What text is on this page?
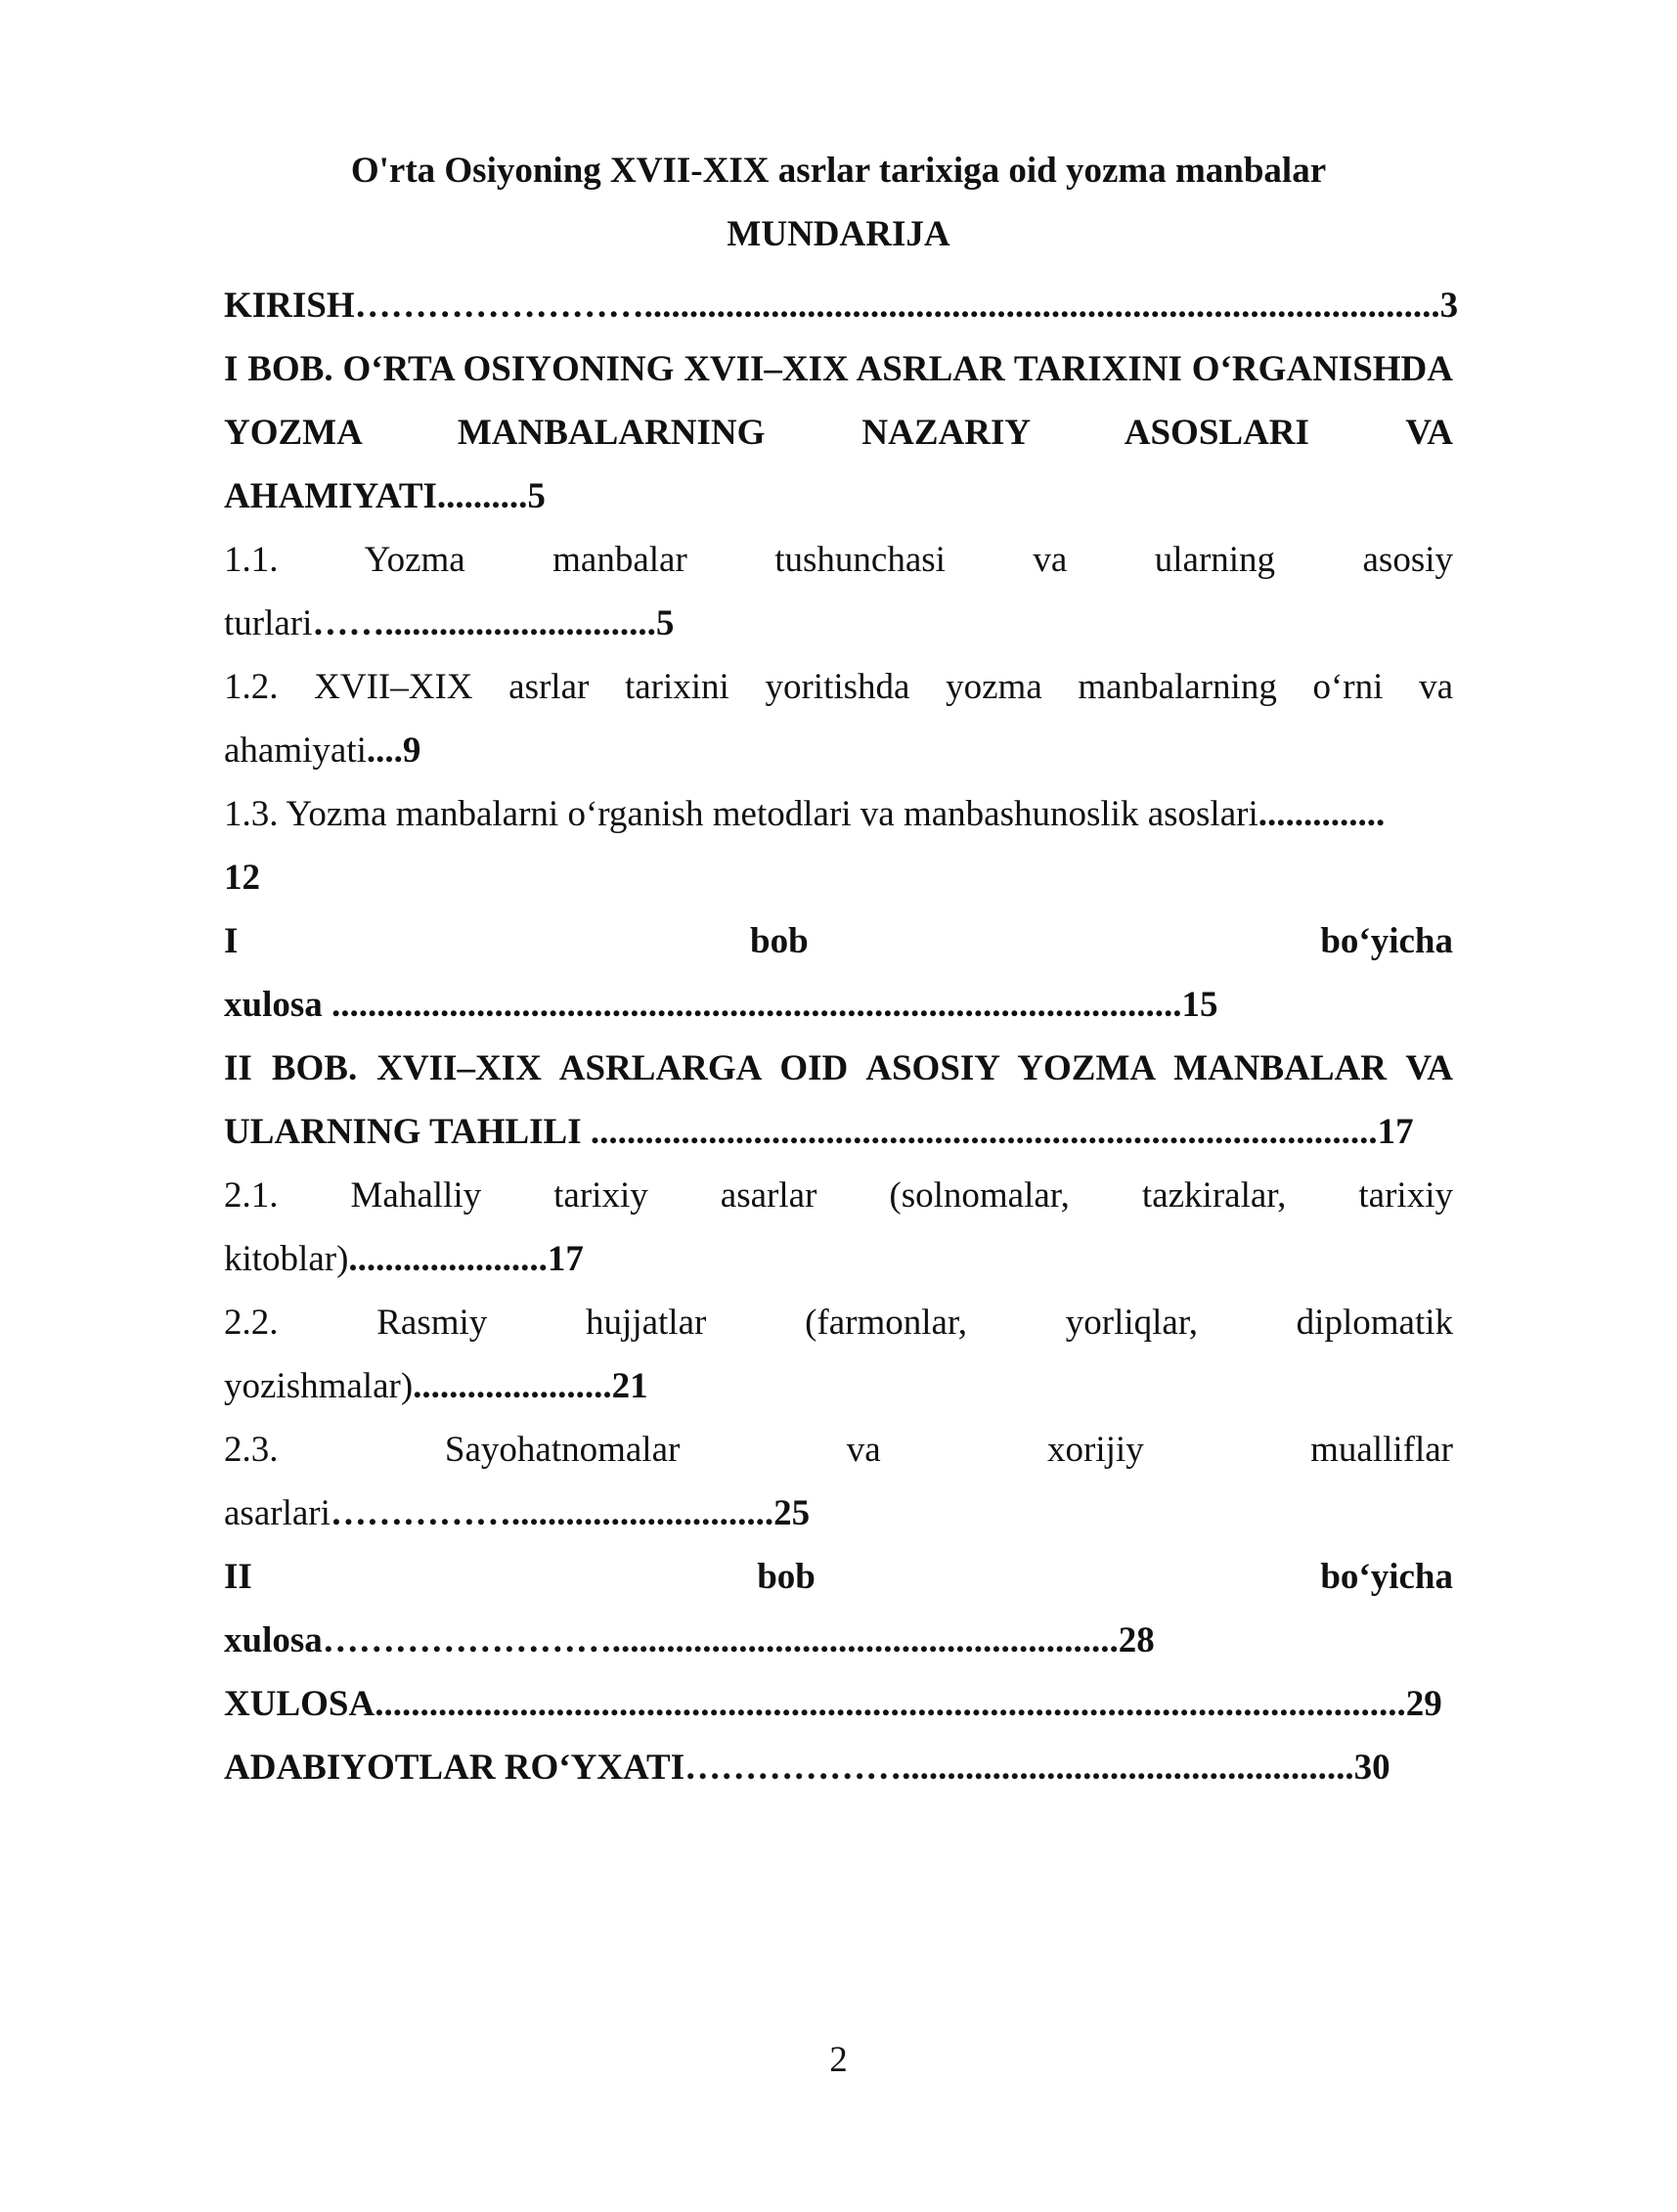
O'rta Osiyoning XVII-XIX asrlar tarixiga oid yozma manbalar
MUNDARIJA
KIRISH……………………........................................................................................3
I BOB. O‘RTA OSIYONING XVII–XIX ASRLAR TARIXINI O‘RGANISHDA
YOZMA MANBALARNING NAZARIY ASOSLARI VA
AHAMIYATI..........5
1.1. Yozma manbalar tushunchasi va ularning asosiy
turlari……..............................5
1.2. XVII–XIX asrlar tarixini yoritishda yozma manbalarning o‘rni va
ahamiyati....9
1.3. Yozma manbalarni o‘rganish metodlari va manbashunoslik asoslari..............
12
I bob bo‘yicha
xulosa ..............................................................................................15
II BOB. XVII–XIX ASRLARGA OID ASOSIY YOZMA MANBALAR VA
ULARNING TAHLILI .......................................................................................17
2.1. Mahalliy tarixiy asarlar (solnomalar, tazkiralar, tarixiy
kitoblar)......................17
2.2. Rasmiy hujjatlar (farmonlar, yorliqlar, diplomatik
yozishmalar)......................21
2.3. Sayohatnomalar va xorijiy mualliflar
asarlari…………….............................25
II bob bo‘yicha
xulosa……………………........................................................28
XULOSA..................................................................................................................29
ADABIYOTLAR RO‘YXATI………………..................................................30
2
